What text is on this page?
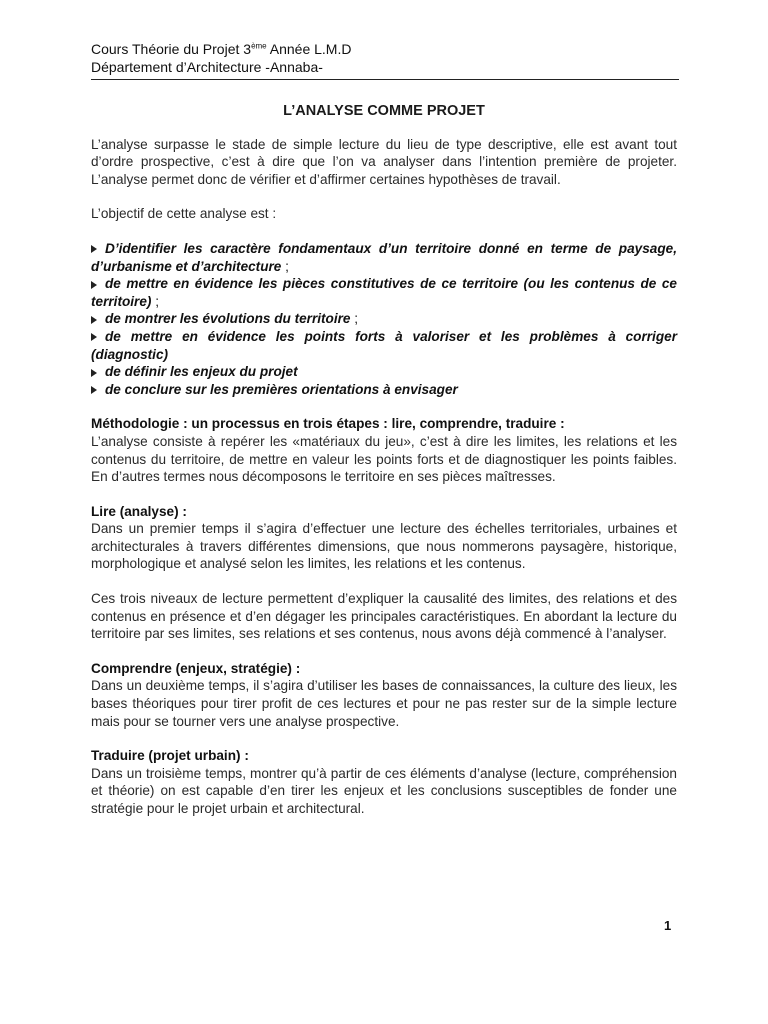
Cours Théorie du Projet 3ème Année L.M.D
Département d’Architecture -Annaba-
L’ANALYSE COMME PROJET

L’analyse surpasse le stade de simple lecture du lieu de type descriptive, elle est avant tout d’ordre prospective, c’est à dire que l’on va analyser dans l’intention première de projeter. L’analyse permet donc de vérifier et d’affirmer certaines hypothèses de travail.

L’objectif de cette analyse est :

D’identifier les caractère fondamentaux d’un territoire donné en terme de paysage, d’urbanisme et d’architecture ;
de mettre en évidence les pièces constitutives de ce territoire (ou les contenus de ce territoire) ;
de montrer les évolutions du territoire ;
de mettre en évidence les points forts à valoriser et les problèmes à corriger (diagnostic)
de définir les enjeux du projet
de conclure sur les premières orientations à envisager
Méthodologie : un processus en trois étapes : lire, comprendre, traduire :

L’analyse consiste à repérer les «matériaux du jeu», c’est à dire les limites, les relations et les contenus du territoire, de mettre en valeur les points forts et de diagnostiquer les points faibles. En d’autres termes nous décomposons le territoire en ses pièces maîtresses.

Lire (analyse) :

Dans un premier temps il s’agira d’effectuer une lecture des échelles territoriales, urbaines et architecturales à travers différentes dimensions, que nous nommerons paysagère, historique, morphologique et analysé selon les limites, les relations et les contenus.

Ces trois niveaux de lecture permettent d’expliquer la causalité des limites, des relations et des contenus en présence et d’en dégager les principales caractéristiques. En abordant la lecture du territoire par ses limites, ses relations et ses contenus, nous avons déjà commencé à l’analyser.

Comprendre (enjeux, stratégie) :

Dans un deuxième temps, il s’agira d’utiliser les bases de connaissances, la culture des lieux, les bases théoriques pour tirer profit de ces lectures et pour ne pas rester sur de la simple lecture mais pour se tourner vers une analyse prospective.

Traduire (projet urbain) :

Dans un troisième temps, montrer qu’à partir de ces éléments d’analyse (lecture, compréhension et théorie) on est capable d’en tirer les enjeux et les conclusions susceptibles de fonder une stratégie pour le projet urbain et architectural.

1
